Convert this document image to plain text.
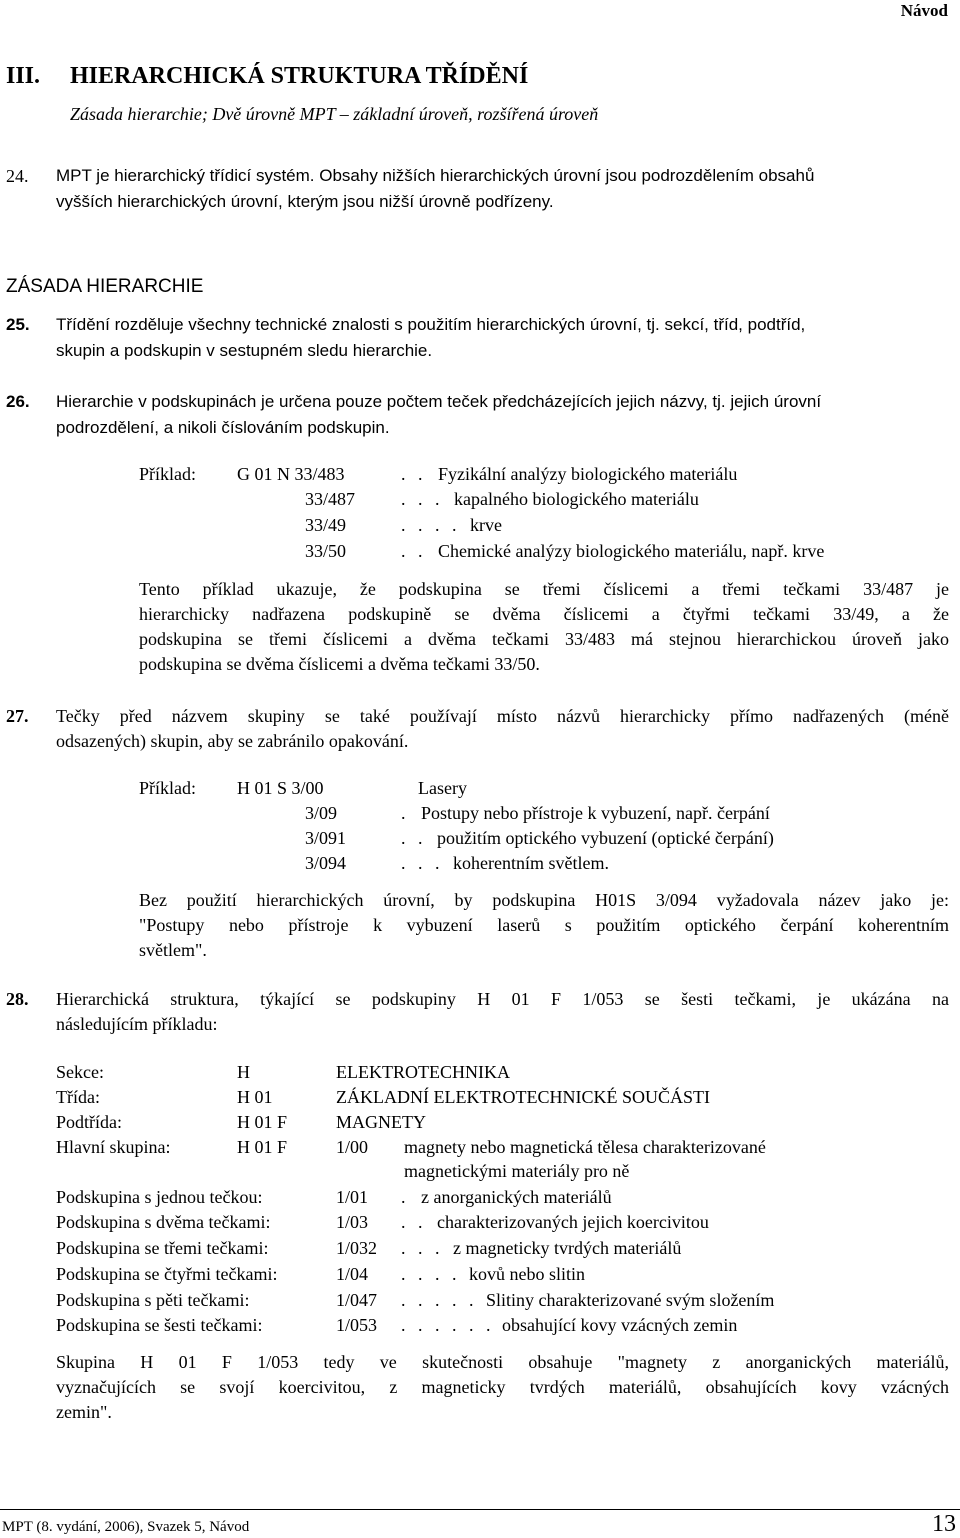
Návod
III. HIERARCHICKÁ STRUKTURA TŘÍDĚNÍ
Zásada hierarchie; Dvě úrovně MPT – základní úroveň, rozšířená úroveň
24. MPT je hierarchický třídicí systém. Obsahy nižších hierarchických úrovní jsou podrozdělením obsahů
vyšších hierarchických úrovní, kterým jsou nižší úrovně podřízeny.
ZÁSADA HIERARCHIE
25. Třídění rozděluje všechny technické znalosti s použitím hierarchických úrovní, tj. sekcí, tříd, podtříd,
skupin a podskupin v sestupném sledu hierarchie.
26. Hierarchie v podskupinách je určena pouze počtem teček předcházejících jejich názvy, tj. jejich úrovní
podrozdělení, a nikoli číslováním podskupin.
Příklad: G 01 N 33/483	. . Fyzikální analýzy biologického materiálu
33/487	. . . kapalného biologického materiálu
33/49	. . . . krve
33/50	. . Chemické analýzy biologického materiálu, např. krve
Tento příklad ukazuje, že podskupina se třemi číslicemi a třemi tečkami 33/487 je
hierarchicky nadřazena podskupině se dvěma číslicemi a čtyřmi tečkami 33/49, a že
podskupina se třemi číslicemi a dvěma tečkami 33/483 má stejnou hierarchickou úroveň jako
podskupina se dvěma číslicemi a dvěma tečkami 33/50.
27. Tečky před názvem skupiny se také používají místo názvů hierarchicky přímo nadřazených (méně
odsazených) skupin, aby se zabránilo opakování.
Příklad: H 01 S 3/00	Lasery
3/09	. Postupy nebo přístroje k vybuzení, např. čerpání
3/091	. . použitím optického vybuzení (optické čerpání)
3/094	. . . koherentním světlem.
Bez použití hierarchických úrovní, by podskupina H01S 3/094 vyžadovala název jako je:
"Postupy nebo přístroje k vybuzení laserů s použitím optického čerpání koherentním
světlem".
28. Hierarchická struktura, týkající se podskupiny H 01 F 1/053 se šesti tečkami, je ukázána na
následujícím příkladu:
Sekce:	H	ELEKTROTECHNIKA
Třída:	H 01	ZÁKLADNÍ ELEKTROTECHNICKÉ SOUČÁSTI
Podtřída:	H 01 F	MAGNETY
Hlavní skupina:	H 01 F	1/00 magnety nebo magnetická tělesa charakterizované
magnetickými materiály pro ně
Podskupina s jednou tečkou:	1/01 . z anorganických materiálů
Podskupina s dvěma tečkami:	1/03 . . charakterizovaných jejich koercivitou
Podskupina se třemi tečkami:	1/032 . . . z magneticky tvrdých materiálů
Podskupina se čtyřmi tečkami:	1/04 . . . . kovů nebo slitin
Podskupina s pěti tečkami:	1/047 . . . . . Slitiny charakterizované svým složením
Podskupina se šesti tečkami:	1/053 . . . . . . obsahující kovy vzácných zemin
Skupina H 01 F 1/053 tedy ve skutečnosti obsahuje "magnety z anorganických materiálů,
vyznačujících se svojí koercivitou, z magneticky tvrdých materiálů, obsahujících kovy vzácných
zemin".
MPT (8. vydání, 2006), Svazek 5, Návod	13
